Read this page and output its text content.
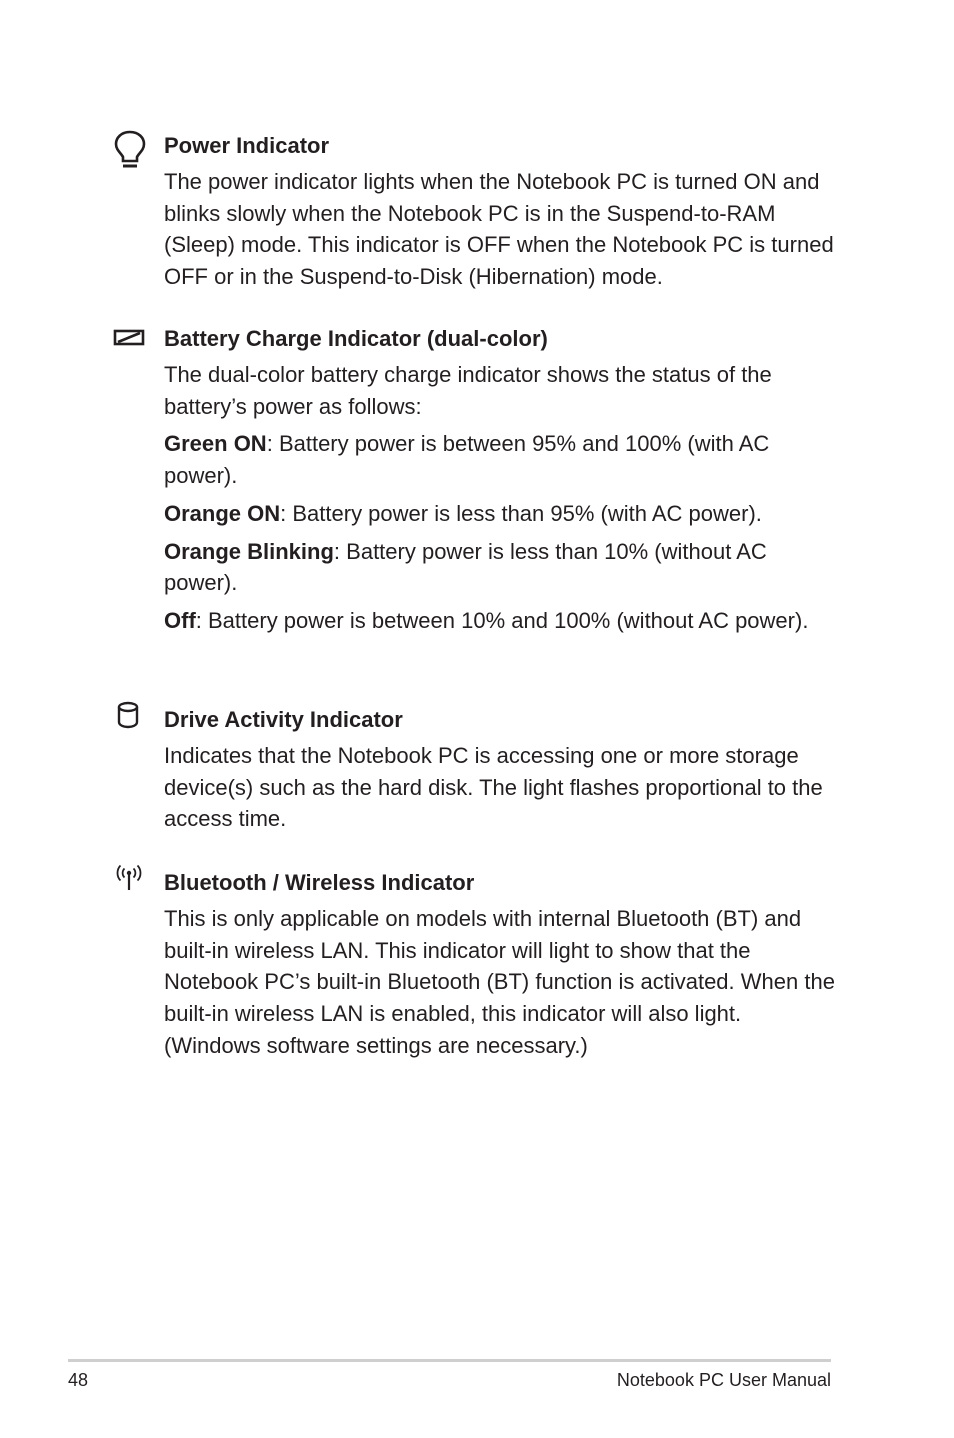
Power Indicator

The power indicator lights when the Notebook PC is turned ON and blinks slowly when the Notebook PC is in the Suspend-to-RAM (Sleep) mode. This indicator is OFF when the Notebook PC is turned OFF or in the Suspend-to-Disk (Hibernation) mode.

Battery Charge Indicator (dual-color)

The dual-color battery charge indicator shows the status of the battery’s power as follows:

Green ON: Battery power is between 95% and 100% (with AC power).

Orange ON: Battery power is less than 95% (with AC power).

Orange Blinking: Battery power is less than 10% (without AC power).

Off: Battery power is between 10% and 100% (without AC power).

Drive Activity Indicator

Indicates that the Notebook PC is accessing one or more storage device(s) such as the hard disk. The light flashes proportional to the access time.

Bluetooth / Wireless Indicator

This is only applicable on models with internal Bluetooth (BT) and built-in wireless LAN. This indicator will light to show that the Notebook PC’s built-in Bluetooth (BT) function is activated. When the built-in wireless LAN is enabled, this indicator will also light. (Windows software settings are necessary.)

48	Notebook PC User Manual
